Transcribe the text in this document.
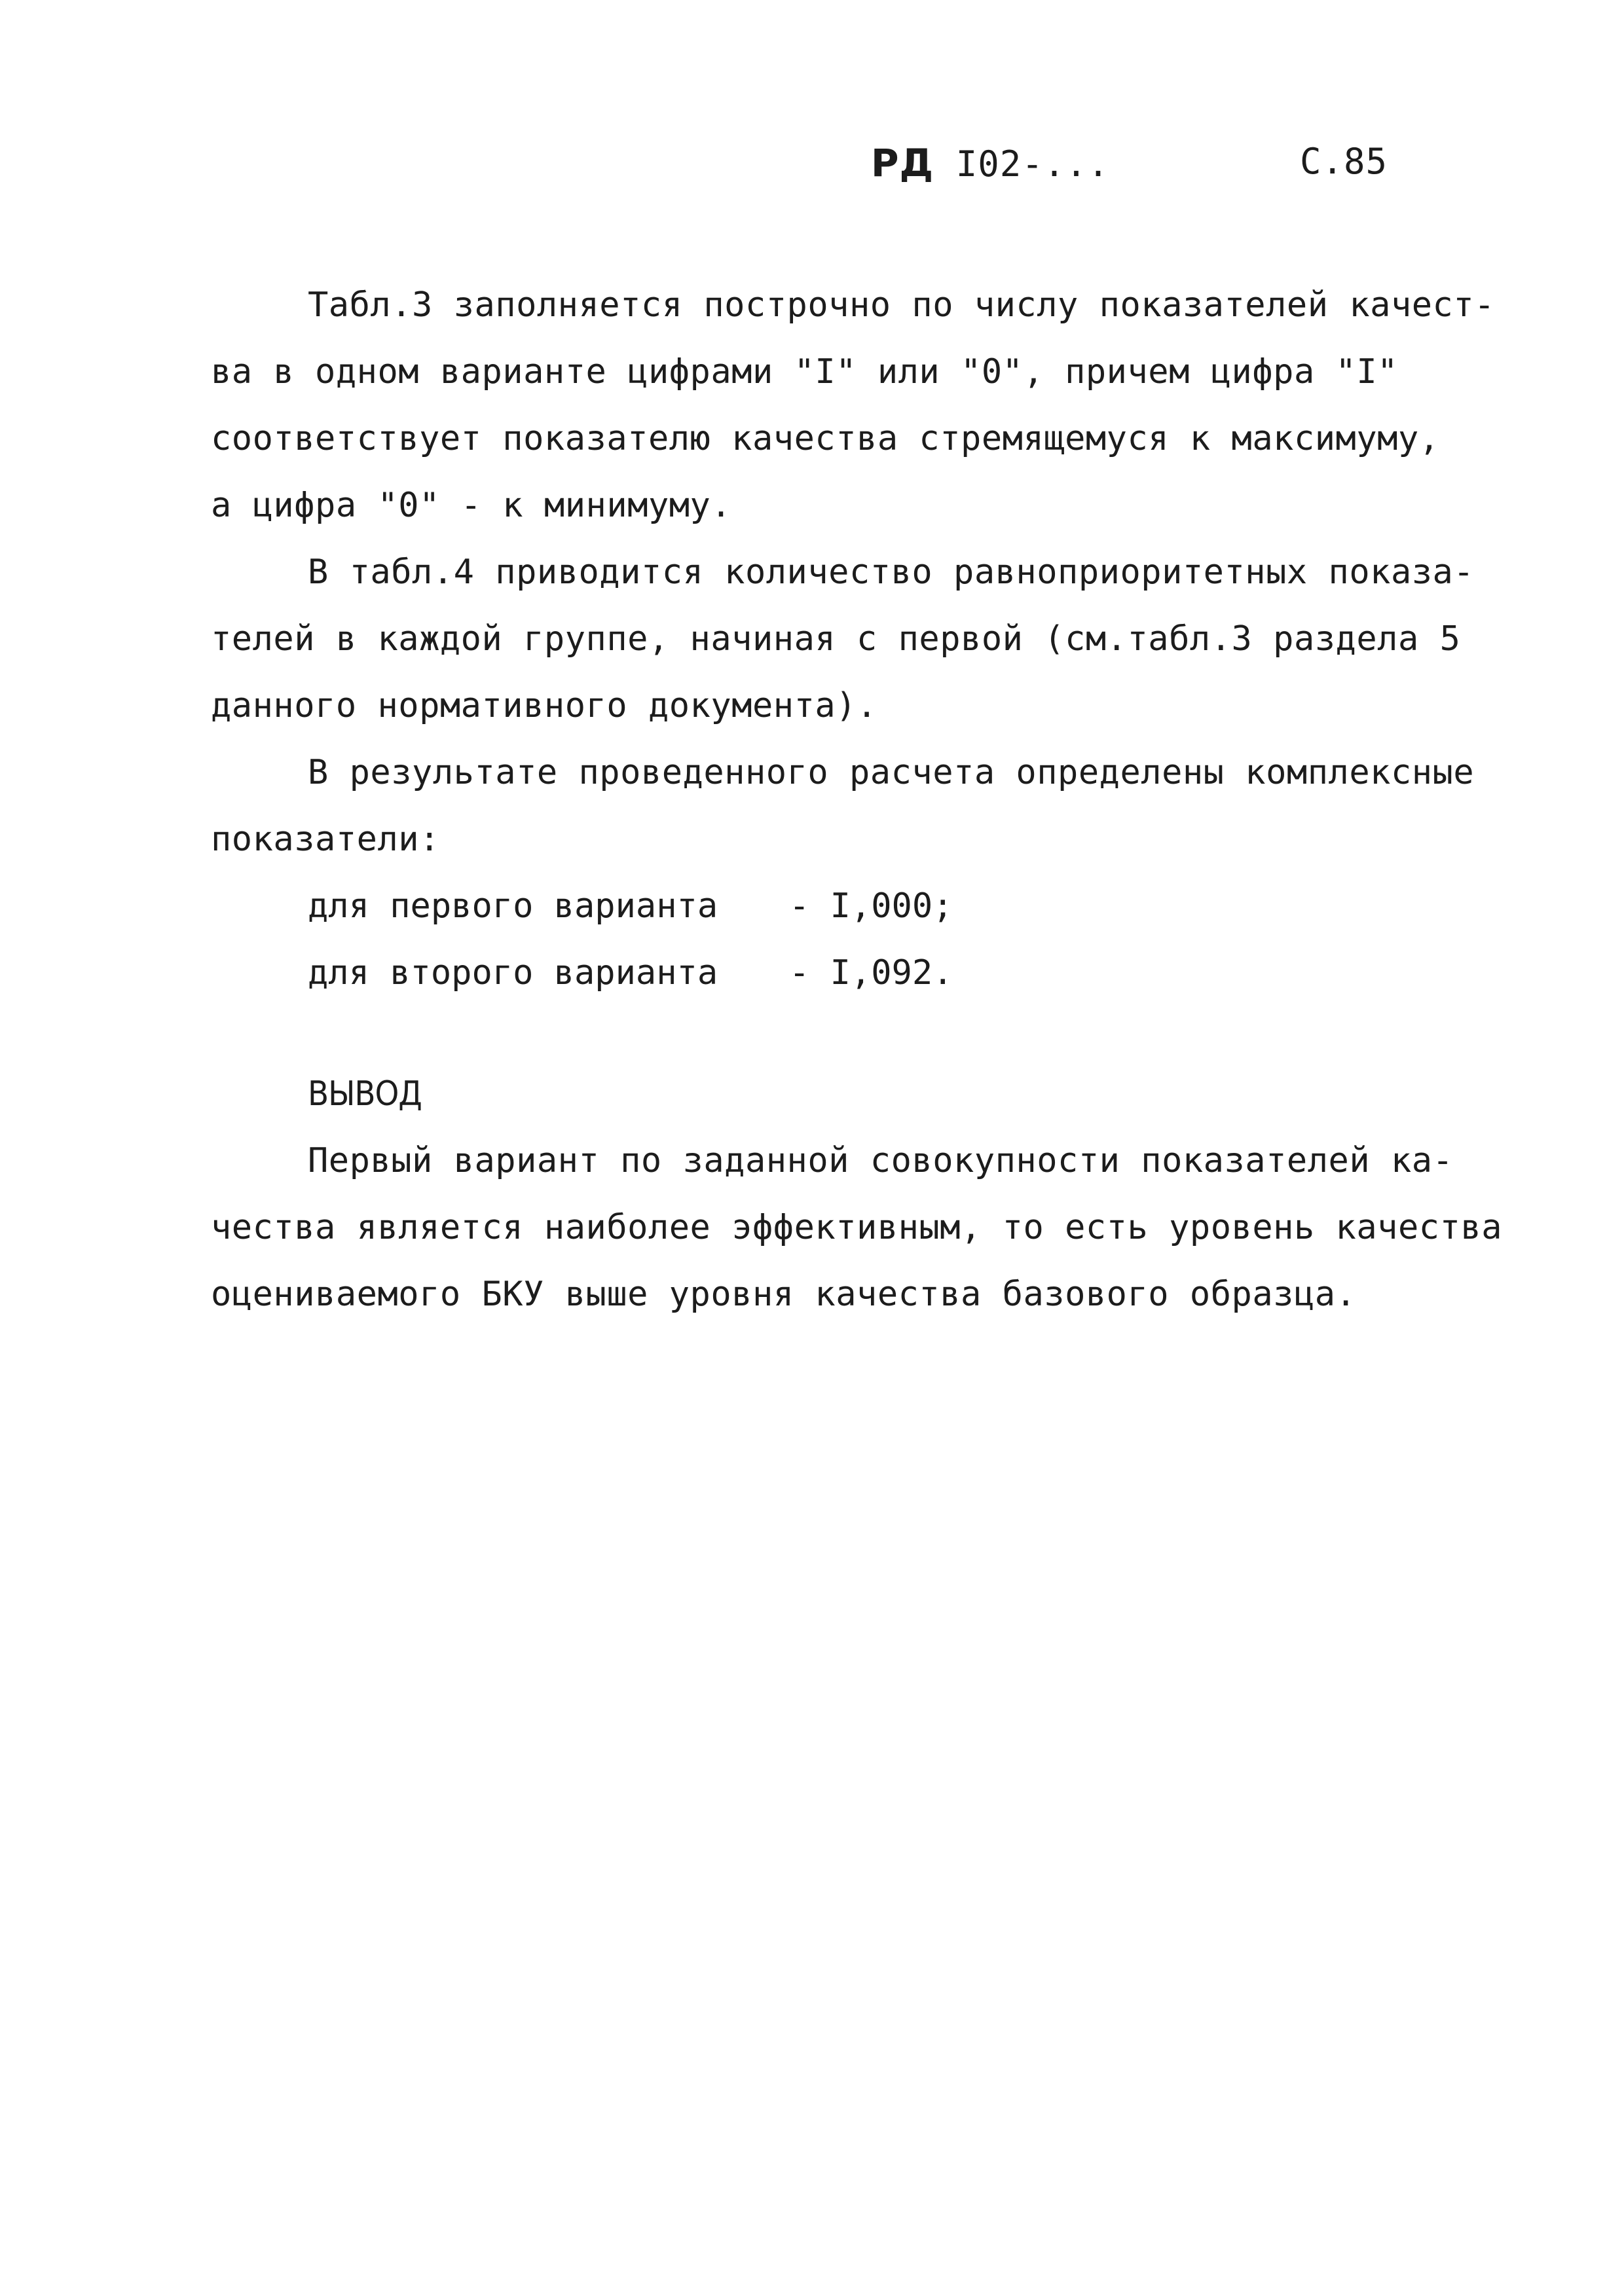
РД I02-...	С.85
Табл.3 заполняется построчно по числу показателей качест-
ва в одном варианте цифрами "I" или "0", причем цифра "I"
соответствует показателю качества стремящемуся к максимуму,
а цифра "0" - к минимуму.
В табл.4 приводится количество равноприоритетных показа-
телей в каждой группе, начиная с первой (см.табл.3 раздела 5
данного нормативного документа).
В результате проведенного расчета определены комплексные
показатели:
для первого варианта	- I,000;
для второго варианта	- I,092.
ВЫВОД
Первый вариант по заданной совокупности показателей ка-
чества является наиболее эффективным, то есть уровень качества
оцениваемого БКУ выше уровня качества базового образца.
